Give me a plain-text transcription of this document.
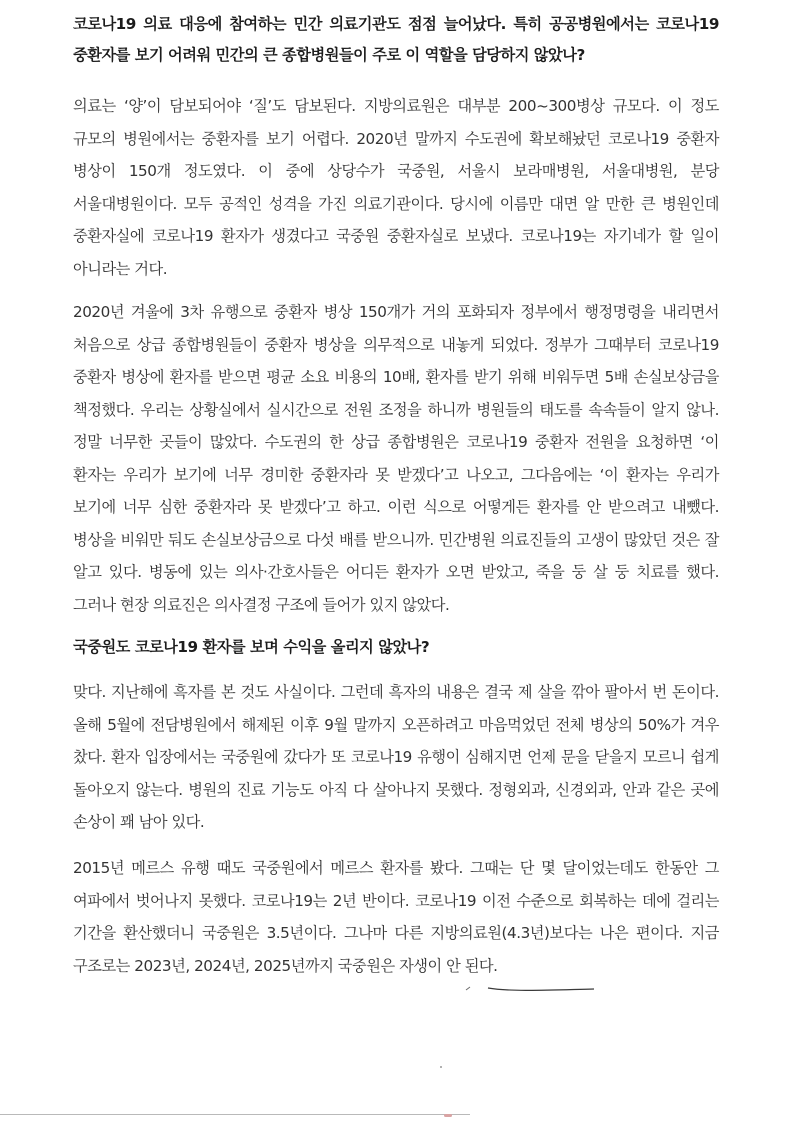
코로나19 의료 대응에 참여하는 민간 의료기관도 점점 늘어났다. 특히 공공병원에서는 코로나19 중환자를 보기 어려워 민간의 큰 종합병원들이 주로 이 역할을 담당하지 않았나?

의료는 ‘양’이 담보되어야 ‘질’도 담보된다. 지방의료원은 대부분 200~300병상 규모다. 이 정도 규모의 병원에서는 중환자를 보기 어렵다. 2020년 말까지 수도권에 확보해놨던 코로나19 중환자 병상이 150개 정도였다. 이 중에 상당수가 국중원, 서울시 보라매병원, 서울대병원, 분당 서울대병원이다. 모두 공적인 성격을 가진 의료기관이다. 당시에 이름만 대면 알 만한 큰 병원인데 중환자실에 코로나19 환자가 생겼다고 국중원 중환자실로 보냈다. 코로나19는 자기네가 할 일이 아니라는 거다.

2020년 겨울에 3차 유행으로 중환자 병상 150개가 거의 포화되자 정부에서 행정명령을 내리면서 처음으로 상급 종합병원들이 중환자 병상을 의무적으로 내놓게 되었다. 정부가 그때부터 코로나19 중환자 병상에 환자를 받으면 평균 소요 비용의 10배, 환자를 받기 위해 비워두면 5배 손실보상금을 책정했다. 우리는 상황실에서 실시간으로 전원 조정을 하니까 병원들의 태도를 속속들이 알지 않나. 정말 너무한 곳들이 많았다. 수도권의 한 상급 종합병원은 코로나19 중환자 전원을 요청하면 ‘이 환자는 우리가 보기에 너무 경미한 중환자라 못 받겠다’고 나오고, 그다음에는 ‘이 환자는 우리가 보기에 너무 심한 중환자라 못 받겠다’고 하고. 이런 식으로 어떻게든 환자를 안 받으려고 내뺐다. 병상을 비워만 둬도 손실보상금으로 다섯 배를 받으니까. 민간병원 의료진들의 고생이 많았던 것은 잘 알고 있다. 병동에 있는 의사·간호사들은 어디든 환자가 오면 받았고, 죽을 둥 살 둥 치료를 했다. 그러나 현장 의료진은 의사결정 구조에 들어가 있지 않았다.

국중원도 코로나19 환자를 보며 수익을 올리지 않았나?

맞다. 지난해에 흑자를 본 것도 사실이다. 그런데 흑자의 내용은 결국 제 살을 깎아 팔아서 번 돈이다. 올해 5월에 전담병원에서 해제된 이후 9월 말까지 오픈하려고 마음먹었던 전체 병상의 50%가 겨우 찼다. 환자 입장에서는 국중원에 갔다가 또 코로나19 유행이 심해지면 언제 문을 닫을지 모르니 쉽게 돌아오지 않는다. 병원의 진료 기능도 아직 다 살아나지 못했다. 정형외과, 신경외과, 안과 같은 곳에 손상이 꽤 남아 있다.

2015년 메르스 유행 때도 국중원에서 메르스 환자를 봤다. 그때는 단 몇 달이었는데도 한동안 그 여파에서 벗어나지 못했다. 코로나19는 2년 반이다. 코로나19 이전 수준으로 회복하는 데에 걸리는 기간을 환산했더니 국중원은 3.5년이다. 그나마 다른 지방의료원(4.3년)보다는 나은 편이다. 지금 구조로는 2023년, 2024년, 2025년까지 국중원은 자생이 안 된다.
